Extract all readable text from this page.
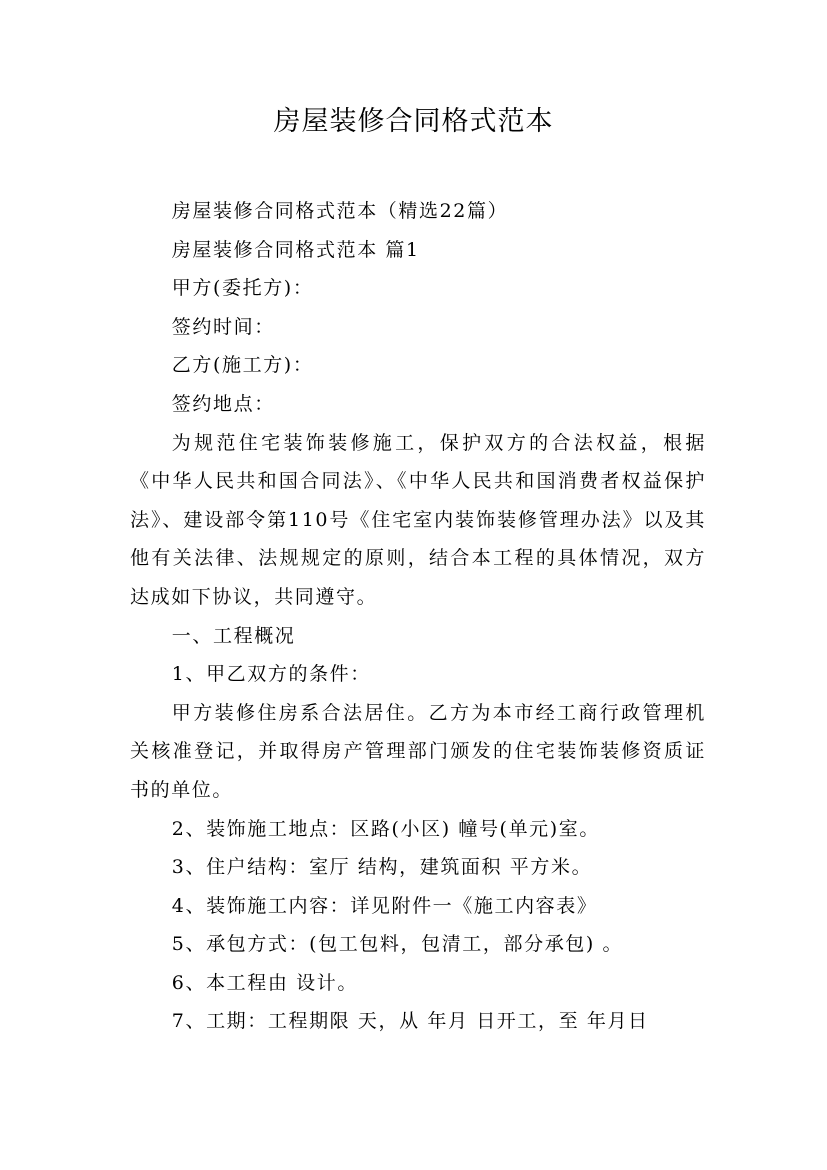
房屋装修合同格式范本

房屋装修合同格式范本（精选22篇）

房屋装修合同格式范本 篇1

甲方(委托方)：

签约时间：

乙方(施工方)：

签约地点：

为规范住宅装饰装修施工，保护双方的合法权益，根据《中华人民共和国合同法》、《中华人民共和国消费者权益保护法》、建设部令第110号《住宅室内装饰装修管理办法》以及其他有关法律、法规规定的原则，结合本工程的具体情况，双方达成如下协议，共同遵守。

一、工程概况

1、甲乙双方的条件：

甲方装修住房系合法居住。乙方为本市经工商行政管理机关核准登记，并取得房产管理部门颁发的住宅装饰装修资质证书的单位。

2、装饰施工地点：区路(小区) 幢号(单元)室。

3、住户结构：室厅 结构，建筑面积 平方米。

4、装饰施工内容：详见附件一《施工内容表》

5、承包方式：(包工包料，包清工，部分承包) 。

6、本工程由 设计。

7、工期：工程期限 天，从 年月 日开工，至 年月日
